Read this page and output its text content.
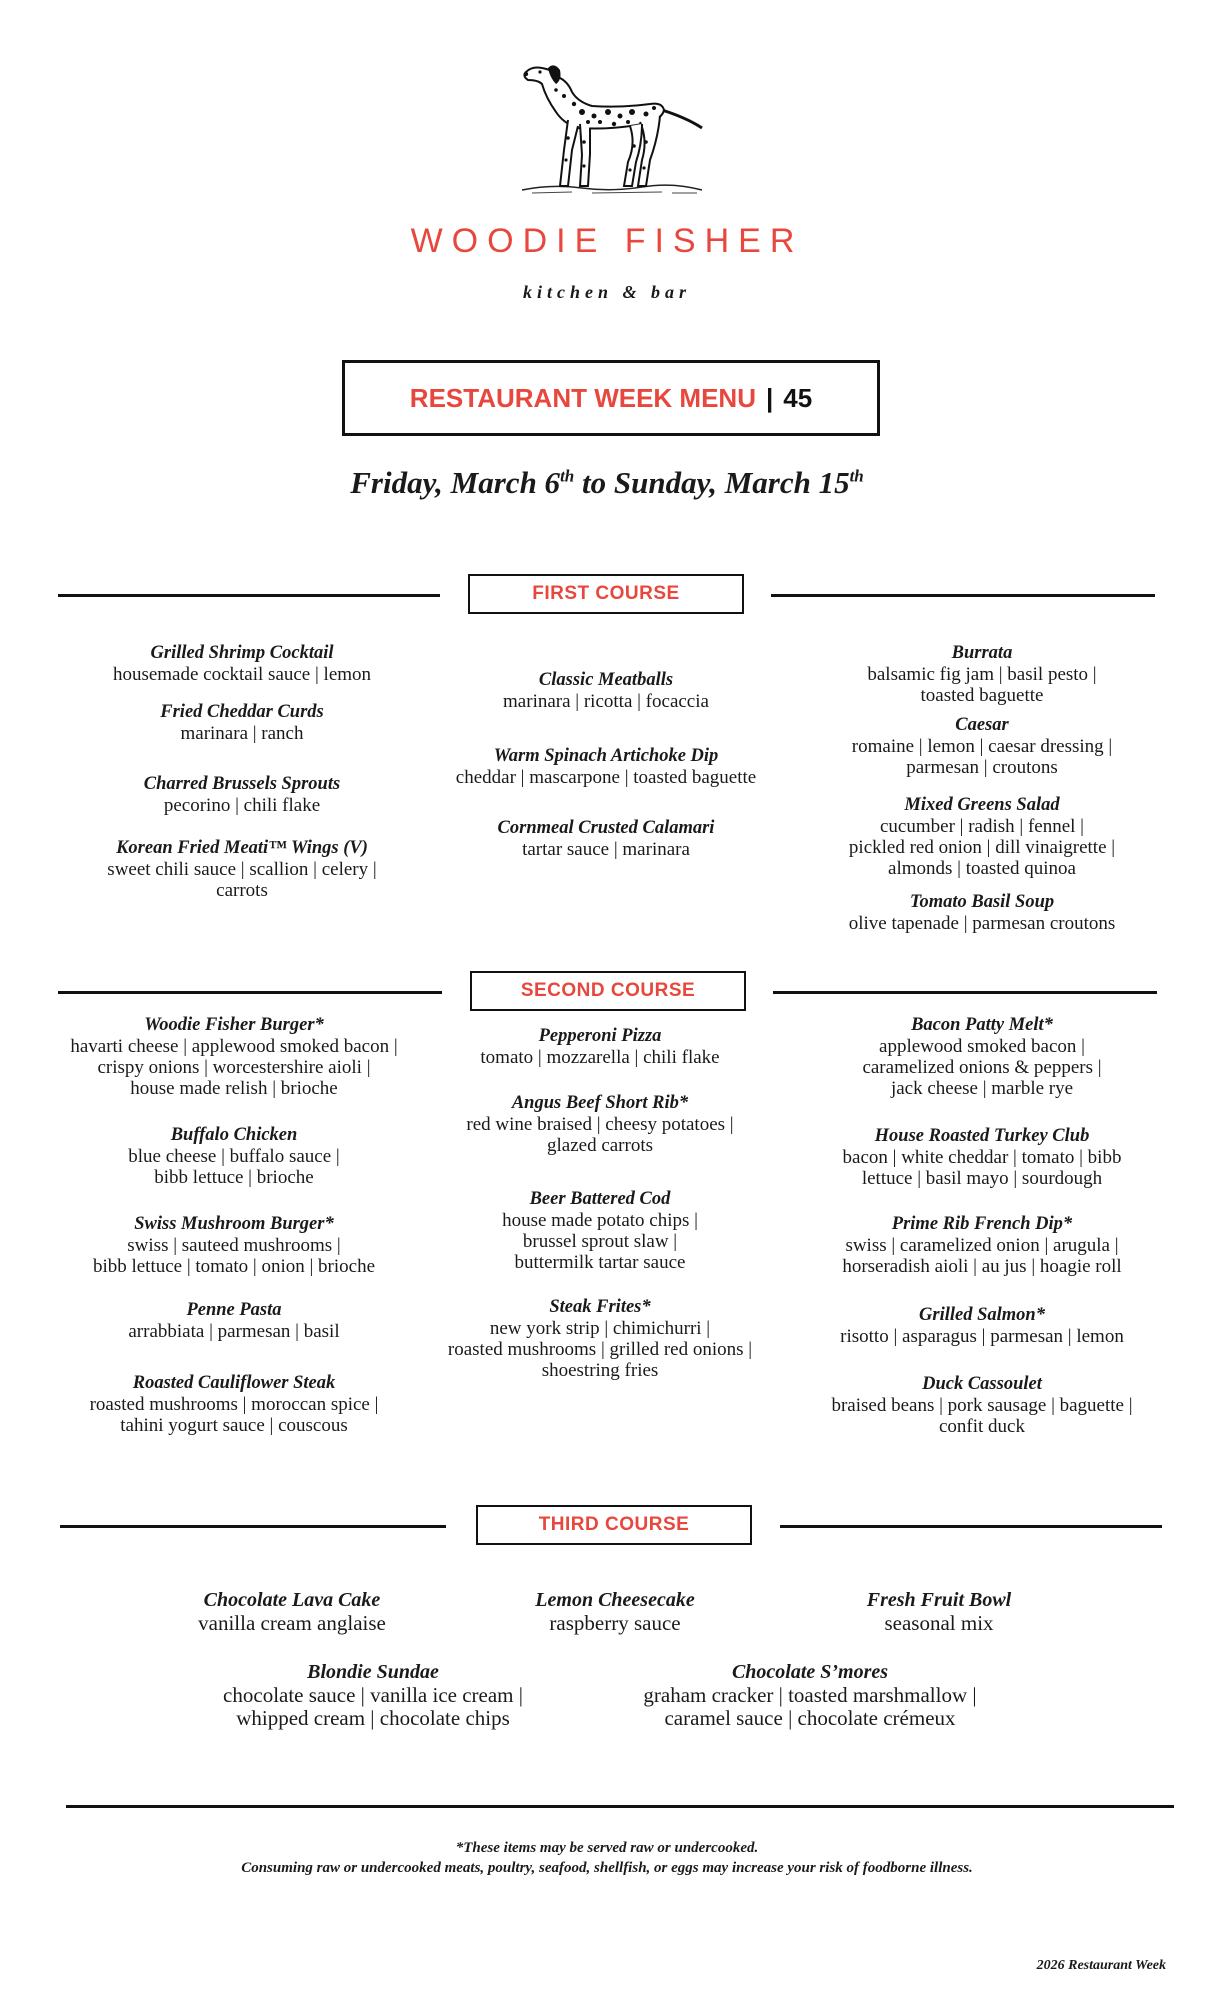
WOODIE FISHER
kitchen & bar
RESTAURANT WEEK MENU | 45
Friday, March 6th to Sunday, March 15th
FIRST COURSE
SECOND COURSE
THIRD COURSE
Grilled Shrimp Cocktail
housemade cocktail sauce | lemon
Fried Cheddar Curds
marinara | ranch
Charred Brussels Sprouts
pecorino | chili flake
Korean Fried Meati™ Wings (V)
sweet chili sauce | scallion | celery |
carrots
Classic Meatballs
marinara | ricotta | focaccia
Warm Spinach Artichoke Dip
cheddar | mascarpone | toasted baguette
Cornmeal Crusted Calamari
tartar sauce | marinara
Burrata
balsamic fig jam | basil pesto |
toasted baguette
Caesar
romaine | lemon | caesar dressing |
parmesan | croutons
Mixed Greens Salad
cucumber | radish | fennel |
pickled red onion | dill vinaigrette |
almonds | toasted quinoa
Tomato Basil Soup
olive tapenade | parmesan croutons
Woodie Fisher Burger*
havarti cheese | applewood smoked bacon |
crispy onions | worcestershire aioli |
house made relish | brioche
Buffalo Chicken
blue cheese | buffalo sauce |
bibb lettuce | brioche
Swiss Mushroom Burger*
swiss | sauteed mushrooms |
bibb lettuce | tomato | onion | brioche
Penne Pasta
arrabbiata | parmesan | basil
Roasted Cauliflower Steak
roasted mushrooms | moroccan spice |
tahini yogurt sauce | couscous
Pepperoni Pizza
tomato | mozzarella | chili flake
Angus Beef Short Rib*
red wine braised | cheesy potatoes |
glazed carrots
Beer Battered Cod
house made potato chips |
brussel sprout slaw |
buttermilk tartar sauce
Steak Frites*
new york strip | chimichurri |
roasted mushrooms | grilled red onions |
shoestring fries
Bacon Patty Melt*
applewood smoked bacon |
caramelized onions & peppers |
jack cheese | marble rye
House Roasted Turkey Club
bacon | white cheddar | tomato | bibb
lettuce | basil mayo | sourdough
Prime Rib French Dip*
swiss | caramelized onion | arugula |
horseradish aioli | au jus | hoagie roll
Grilled Salmon*
risotto | asparagus | parmesan | lemon
Duck Cassoulet
braised beans | pork sausage | baguette |
confit duck
Chocolate Lava Cake
vanilla cream anglaise
Lemon Cheesecake
raspberry sauce
Fresh Fruit Bowl
seasonal mix
Blondie Sundae
chocolate sauce | vanilla ice cream |
whipped cream | chocolate chips
Chocolate S’mores
graham cracker | toasted marshmallow |
caramel sauce | chocolate crémeux
*These items may be served raw or undercooked.
Consuming raw or undercooked meats, poultry, seafood, shellfish, or eggs may increase your risk of foodborne illness.
2026 Restaurant Week
